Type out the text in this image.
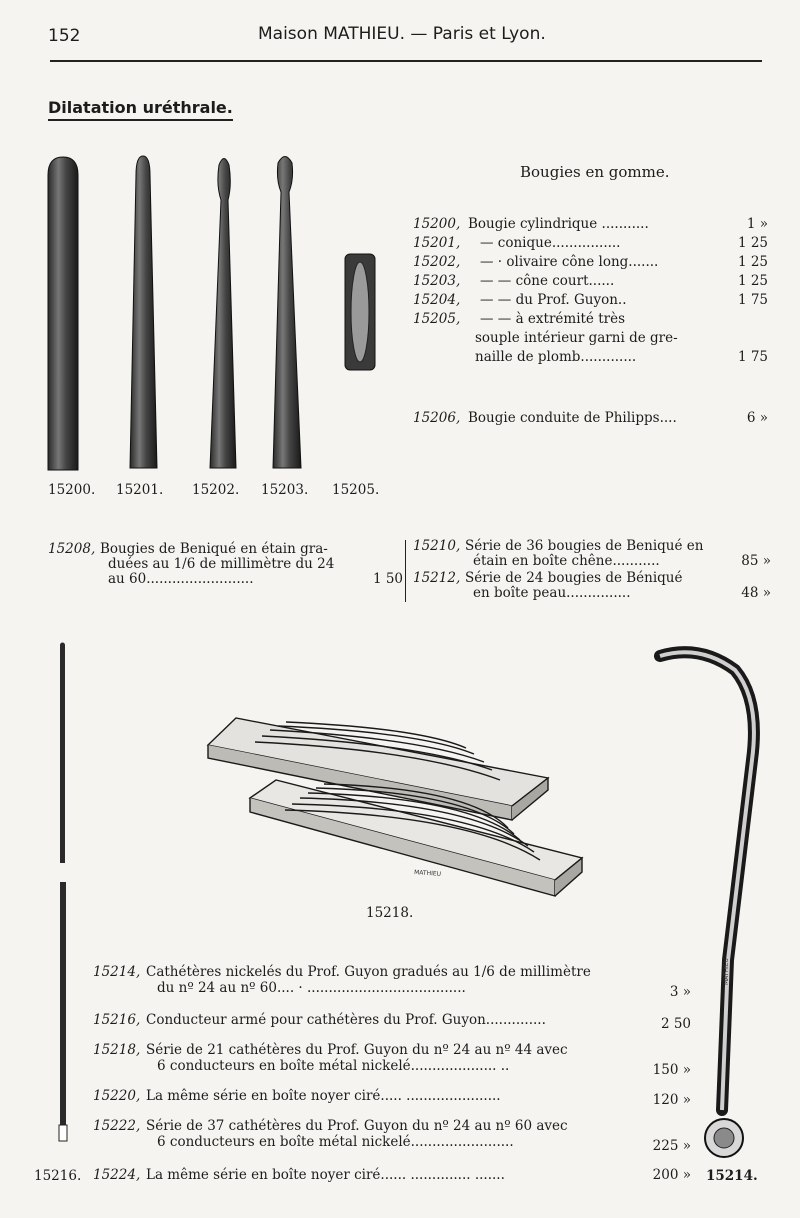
152	Maison MATHIEU. — Paris et Lyon.
Dilatation uréthrale.
Bougies en gomme.
15200, Bougie cylindrique ...........	1 »
15201, — conique................	1 25
15202, — · olivaire cône long.......	1 25
15203, — — cône court......	1 25
15204, — — du Prof. Guyon..	1 75
15205, — — à extrémité très
souple intérieur garni de gre-
naille de plomb.............	1 75
15206, Bougie conduite de Philipps....	6 »
15200. 15201. 15202. 15203. 15205.
15208, Bougies de Beniqué en étain gra-
duées au 1/6 de millimètre du 24
au 60.........................	1 50
15210, Série de 36 bougies de Beniqué en
étain en boîte chêne...........	85 »
15212, Série de 24 bougies de Béniqué
en boîte peau...............	48 »
MATHIEU
15218.
MATHIEU
15214, Cathétères nickelés du Prof. Guyon gradués au 1/6 de millimètre
du nº 24 au nº 60.... · .....................................	3 »
15216, Conducteur armé pour cathétères du Prof. Guyon..............	2 50
15218, Série de 21 cathétères du Prof. Guyon du nº 24 au nº 44 avec
6 conducteurs en boîte métal nickelé.................... ..	150 »
15220, La même série en boîte noyer ciré..... ......................	120 »
15222, Série de 37 cathétères du Prof. Guyon du nº 24 au nº 60 avec
6 conducteurs en boîte métal nickelé........................	225 »
15224, La même série en boîte noyer ciré...... .............. .......	200 »
15216.	15214.
